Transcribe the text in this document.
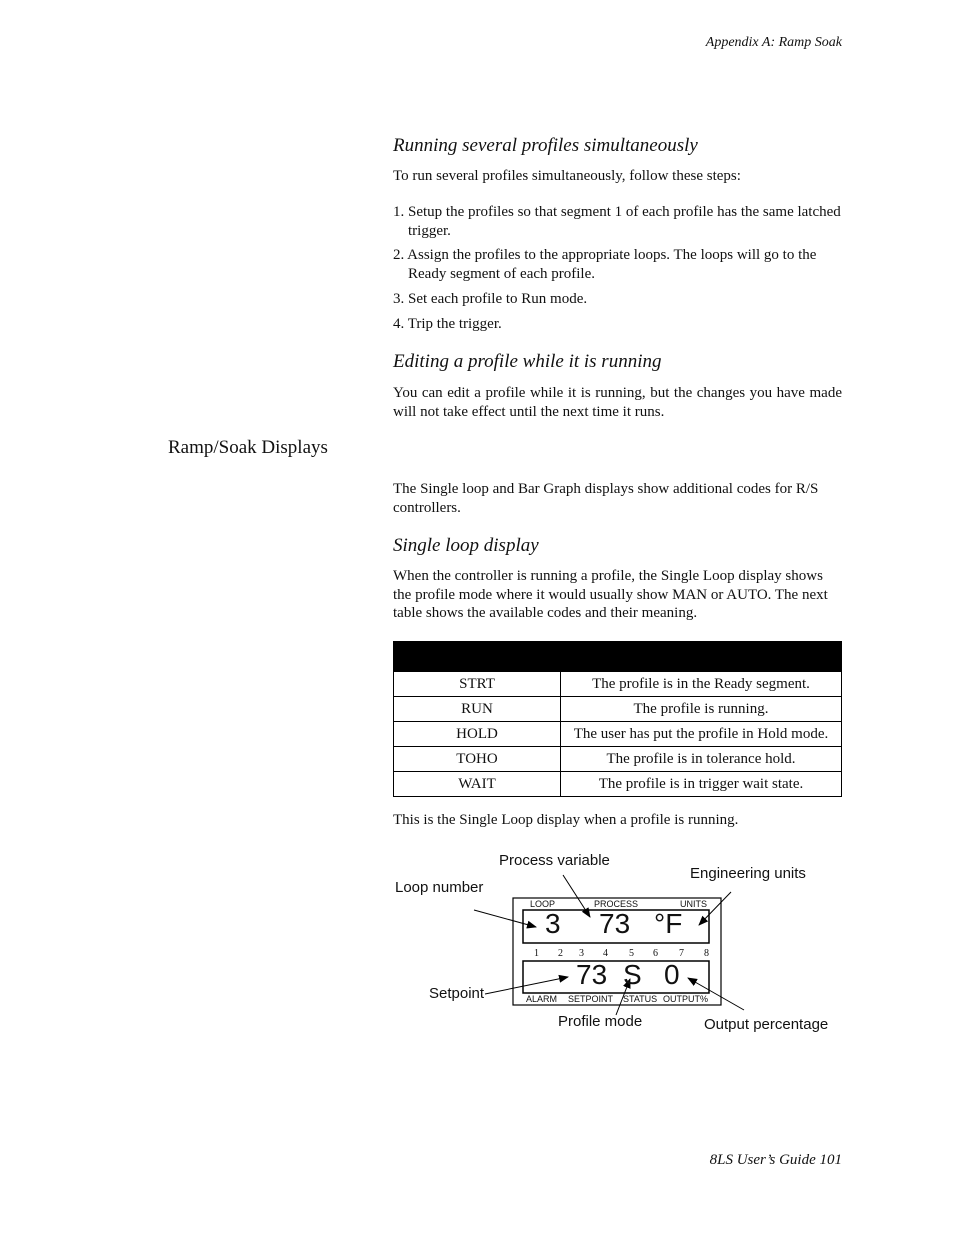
Appendix A: Ramp Soak
Running several profiles simultaneously
To run several profiles simultaneously, follow these steps:
1. Setup the profiles so that segment 1 of each profile has the same latched trigger.
2. Assign the profiles to the appropriate loops. The loops will go to the Ready segment of each profile.
3. Set each profile to Run mode.
4. Trip the trigger.
Editing a profile while it is running
You can edit a profile while it is running, but the changes you have made will not take effect until the next time it runs.
Ramp/Soak Displays
The Single loop and Bar Graph displays show additional codes for R/S controllers.
Single loop display
When the controller is running a profile, the Single Loop display shows the profile mode where it would usually show MAN or AUTO. The next table shows the available codes and their meaning.

STRT	The profile is in the Ready segment.
RUN	The profile is running.
HOLD	The user has put the profile in Hold mode.
TOHO	The profile is in tolerance hold.
WAIT	The profile is in trigger wait state.
This is the Single Loop display when a profile is running.
Process variable
Engineering units
Loop number
Setpoint
Profile mode	Output percentage
LOOP	PROCESS	UNITS
3 73 °F
1 2 3 4 5 6 7 8
73 S 0
ALARM SETPOINT STATUS OUTPUT%
8LS User’s Guide 101
